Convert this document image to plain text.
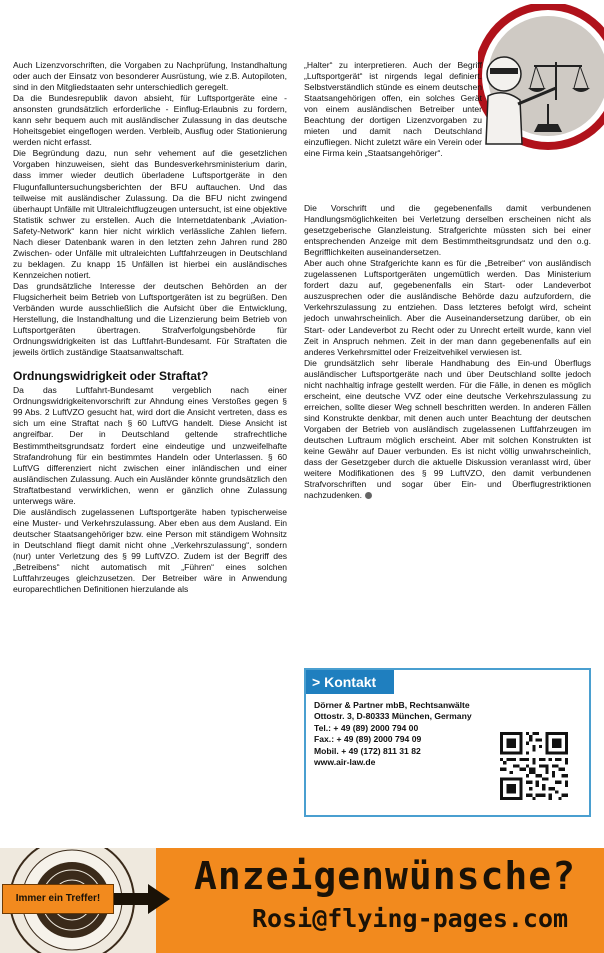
Auch Lizenzvorschriften, die Vorgaben zu Nachprüfung, Instandhaltung oder auch der Einsatz von besonderer Ausrüstung, wie z.B. Autopiloten, sind in den Mitgliedstaaten sehr unterschiedlich geregelt.

Da die Bundesrepublik davon absieht, für Luftsportgeräte eine - ansonsten grundsätzlich erforderliche - Einflug-Erlaubnis zu fordern, kann sehr bequem auch mit ausländischer Zulassung in das deutsche Hoheitsgebiet eingeflogen werden. Verbleib, Ausflug oder Stationierung werden nicht erfasst.

Die Begründung dazu, nun sehr vehement auf die gesetzlichen Vorgaben hinzuweisen, sieht das Bundesverkehrsministerium darin, dass immer wieder deutlich überladene Luftsportgeräte in den Flugunfalluntersuchungsberichten der BFU auftauchen. Und das teilweise mit ausländischer Zulassung. Da die BFU nicht zwingend überhaupt Unfälle mit Ultraleichtflugzeugen untersucht, ist eine objektive Statistik schwer zu erstellen. Auch die Internetdatenbank „Aviation-Safety-Network“ kann hier nicht wirklich verlässliche Zahlen liefern. Nach dieser Datenbank waren in den letzten zehn Jahren rund 280 Zwischen- oder Unfälle mit ultraleichten Luftfahrzeugen in Deutschland zu beklagen. Zu knapp 15 Unfällen ist hierbei ein ausländisches Kennzeichen notiert.

Das grundsätzliche Interesse der deutschen Behörden an der Flugsicherheit beim Betrieb von Luftsportgeräten ist zu begrüßen. Den Verbänden wurde ausschließlich die Aufsicht über die Entwicklung, Herstellung, die Instandhaltung und die Lizenzierung beim Betrieb von Luftsportgeräten übertragen. Strafverfolgungsbehörde für Ordnungswidrigkeiten ist das Luftfahrt-Bundesamt. Für Straftaten die jeweils örtlich zuständige Staatsanwaltschaft.

Ordnungswidrigkeit oder Straftat?

Da das Luftfahrt-Bundesamt vergeblich nach einer Ordnungswidrigkeitenvorschrift zur Ahndung eines Verstoßes gegen § 99 Abs. 2 LuftVZO gesucht hat, wird dort die Ansicht vertreten, dass es sich um eine Straftat nach § 60 LuftVG handelt. Diese Ansicht ist angreifbar. Der in Deutschland geltende strafrechtliche Bestimmtheitsgrundsatz fordert eine eindeutige und unzweifelhafte Strafandrohung für ein bestimmtes Handeln oder Unterlassen. § 60 LuftVG differenziert nicht zwischen einer inländischen und einer ausländischen Zulassung. Auch ein Ausländer könnte grundsätzlich den Straftatbestand verwirklichen, wenn er gänzlich ohne Zulassung unterwegs wäre.

Die ausländisch zugelassenen Luftsportgeräte haben typischerweise eine Muster- und Verkehrszulassung. Aber eben aus dem Ausland. Ein deutscher Staatsangehöriger bzw. eine Person mit ständigem Wohnsitz in Deutschland fliegt damit nicht ohne „Verkehrszulassung“, sondern (nur) unter Verletzung des § 99 LuftVZO. Zudem ist der Begriff des „Betreibens“ nicht automatisch mit „Führen“ eines solchen Luftfahrzeuges gleichzusetzen. Der Betreiber wäre in Anwendung europarechtlichen Definitionen hierzulande als

„Halter“ zu interpretieren. Auch der Begriff „Luftsportgerät“ ist nirgends legal definiert. Selbstverständlich stünde es einem deutschen Staatsangehörigen offen, ein solches Gerät von einem ausländischen Betreiber unter Beachtung der dortigen Lizenzvorgaben zu mieten und damit nach Deutschland einzufliegen. Nicht zuletzt wäre ein Verein oder eine Firma kein „Staatsangehöriger“.

Die Vorschrift und die gegebenenfalls damit verbundenen Handlungsmöglichkeiten bei Verletzung derselben erscheinen nicht als gesetzgeberische Glanzleistung. Strafgerichte müssten sich bei einer entsprechenden Anzeige mit dem Bestimmtheitsgrundsatz und den o.g. Begrifflichkeiten auseinandersetzen.

Aber auch ohne Strafgerichte kann es für die „Betreiber“ von ausländisch zugelassenen Luftsportgeräten ungemütlich werden. Das Ministerium fordert dazu auf, gegebenenfalls ein Start- oder Landeverbot auszusprechen oder die ausländische Behörde dazu aufzufordern, die Verkehrszulassung zu entziehen. Dass letzteres befolgt wird, scheint jedoch unwahrscheinlich. Aber die Auseinandersetzung darüber, ob ein Start- oder Landeverbot zu Recht oder zu Unrecht erteilt wurde, kann viel Zeit in Anspruch nehmen. Zeit in der man dann gegebenenfalls auf ein anderes Verkehrsmittel oder Freizeitvehikel verwiesen ist.

Die grundsätzlich sehr liberale Handhabung des Ein-und Überflugs ausländischer Luftsportgeräte nach und über Deutschland sollte jedoch nicht nachhaltig infrage gestellt werden. Für die Fälle, in denen es möglich erscheint, eine deutsche VVZ oder eine deutsche Verkehrszulassung zu erreichen, sollte dieser Weg schnell beschritten werden. In anderen Fällen sind Konstrukte denkbar, mit denen auch unter Beachtung der deutschen Vorgaben der Betrieb von ausländisch zugelassenen Luftfahrzeugen im deutschen Luftraum möglich erscheint. Aber mit solchen Konstrukten ist keine Gewähr auf Dauer verbunden. Es ist nicht völlig unwahrscheinlich, dass der Gesetzgeber durch die aktuelle Diskussion veranlasst wird, über weitere Modifikationen des § 99 LuftVZO, den damit verbundenen Strafvorschriften und sogar über Ein- und Überflugrestriktionen nachzudenken.

> Kontakt
Dörner & Partner mbB, Rechtsanwälte
Ottostr. 3, D-80333 München, Germany
Tel.: + 49 (89) 2000 794 00
Fax.: + 49 (89) 2000 794 09
Mobil. + 49 (172) 811 31 82
www.air-law.de
Anzeigenwünsche?
Rosi@flying-pages.com
Immer ein Treffer!
